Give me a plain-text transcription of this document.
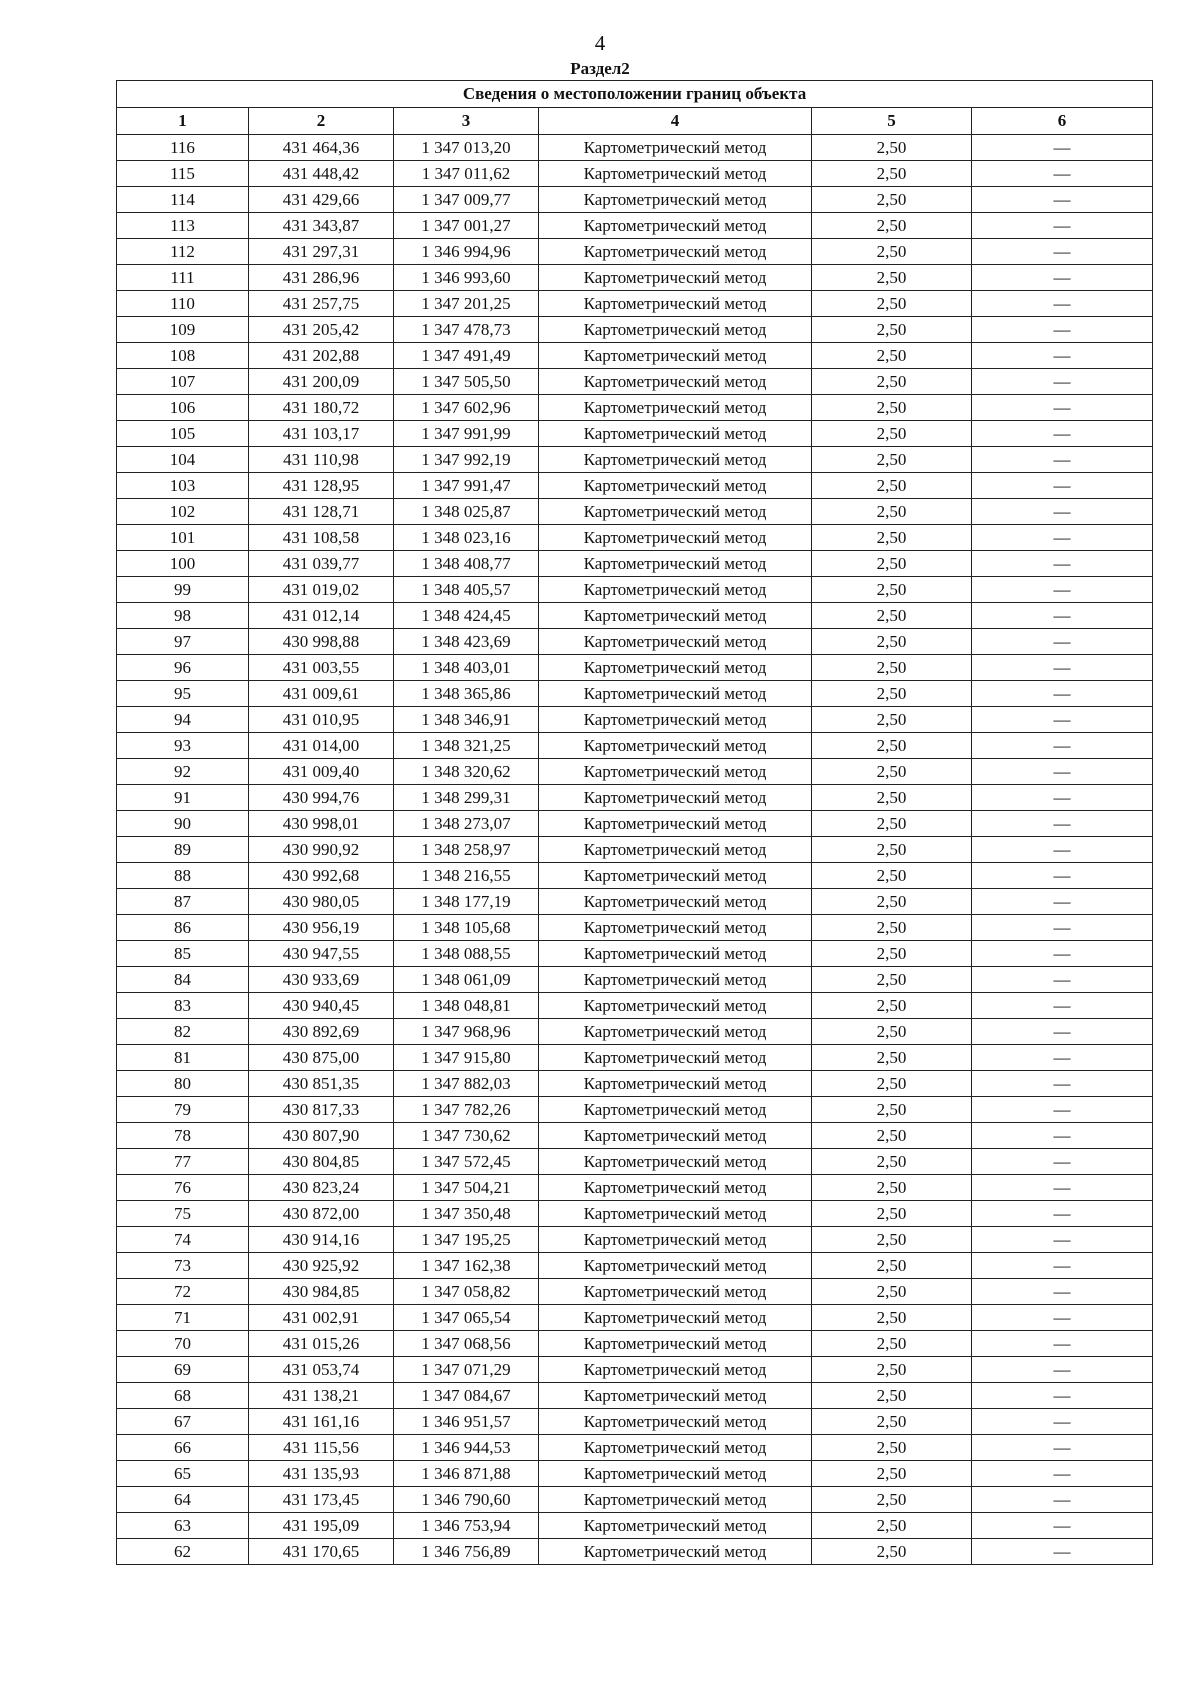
4
Раздел2
Сведения о местоположении границ объекта					
1	2	3	4	5	6
116	431 464,36	1 347 013,20	Картометрический метод	2,50	—
115	431 448,42	1 347 011,62	Картометрический метод	2,50	—
114	431 429,66	1 347 009,77	Картометрический метод	2,50	—
113	431 343,87	1 347 001,27	Картометрический метод	2,50	—
112	431 297,31	1 346 994,96	Картометрический метод	2,50	—
111	431 286,96	1 346 993,60	Картометрический метод	2,50	—
110	431 257,75	1 347 201,25	Картометрический метод	2,50	—
109	431 205,42	1 347 478,73	Картометрический метод	2,50	—
108	431 202,88	1 347 491,49	Картометрический метод	2,50	—
107	431 200,09	1 347 505,50	Картометрический метод	2,50	—
106	431 180,72	1 347 602,96	Картометрический метод	2,50	—
105	431 103,17	1 347 991,99	Картометрический метод	2,50	—
104	431 110,98	1 347 992,19	Картометрический метод	2,50	—
103	431 128,95	1 347 991,47	Картометрический метод	2,50	—
102	431 128,71	1 348 025,87	Картометрический метод	2,50	—
101	431 108,58	1 348 023,16	Картометрический метод	2,50	—
100	431 039,77	1 348 408,77	Картометрический метод	2,50	—
99	431 019,02	1 348 405,57	Картометрический метод	2,50	—
98	431 012,14	1 348 424,45	Картометрический метод	2,50	—
97	430 998,88	1 348 423,69	Картометрический метод	2,50	—
96	431 003,55	1 348 403,01	Картометрический метод	2,50	—
95	431 009,61	1 348 365,86	Картометрический метод	2,50	—
94	431 010,95	1 348 346,91	Картометрический метод	2,50	—
93	431 014,00	1 348 321,25	Картометрический метод	2,50	—
92	431 009,40	1 348 320,62	Картометрический метод	2,50	—
91	430 994,76	1 348 299,31	Картометрический метод	2,50	—
90	430 998,01	1 348 273,07	Картометрический метод	2,50	—
89	430 990,92	1 348 258,97	Картометрический метод	2,50	—
88	430 992,68	1 348 216,55	Картометрический метод	2,50	—
87	430 980,05	1 348 177,19	Картометрический метод	2,50	—
86	430 956,19	1 348 105,68	Картометрический метод	2,50	—
85	430 947,55	1 348 088,55	Картометрический метод	2,50	—
84	430 933,69	1 348 061,09	Картометрический метод	2,50	—
83	430 940,45	1 348 048,81	Картометрический метод	2,50	—
82	430 892,69	1 347 968,96	Картометрический метод	2,50	—
81	430 875,00	1 347 915,80	Картометрический метод	2,50	—
80	430 851,35	1 347 882,03	Картометрический метод	2,50	—
79	430 817,33	1 347 782,26	Картометрический метод	2,50	—
78	430 807,90	1 347 730,62	Картометрический метод	2,50	—
77	430 804,85	1 347 572,45	Картометрический метод	2,50	—
76	430 823,24	1 347 504,21	Картометрический метод	2,50	—
75	430 872,00	1 347 350,48	Картометрический метод	2,50	—
74	430 914,16	1 347 195,25	Картометрический метод	2,50	—
73	430 925,92	1 347 162,38	Картометрический метод	2,50	—
72	430 984,85	1 347 058,82	Картометрический метод	2,50	—
71	431 002,91	1 347 065,54	Картометрический метод	2,50	—
70	431 015,26	1 347 068,56	Картометрический метод	2,50	—
69	431 053,74	1 347 071,29	Картометрический метод	2,50	—
68	431 138,21	1 347 084,67	Картометрический метод	2,50	—
67	431 161,16	1 346 951,57	Картометрический метод	2,50	—
66	431 115,56	1 346 944,53	Картометрический метод	2,50	—
65	431 135,93	1 346 871,88	Картометрический метод	2,50	—
64	431 173,45	1 346 790,60	Картометрический метод	2,50	—
63	431 195,09	1 346 753,94	Картометрический метод	2,50	—
62	431 170,65	1 346 756,89	Картометрический метод	2,50	—
